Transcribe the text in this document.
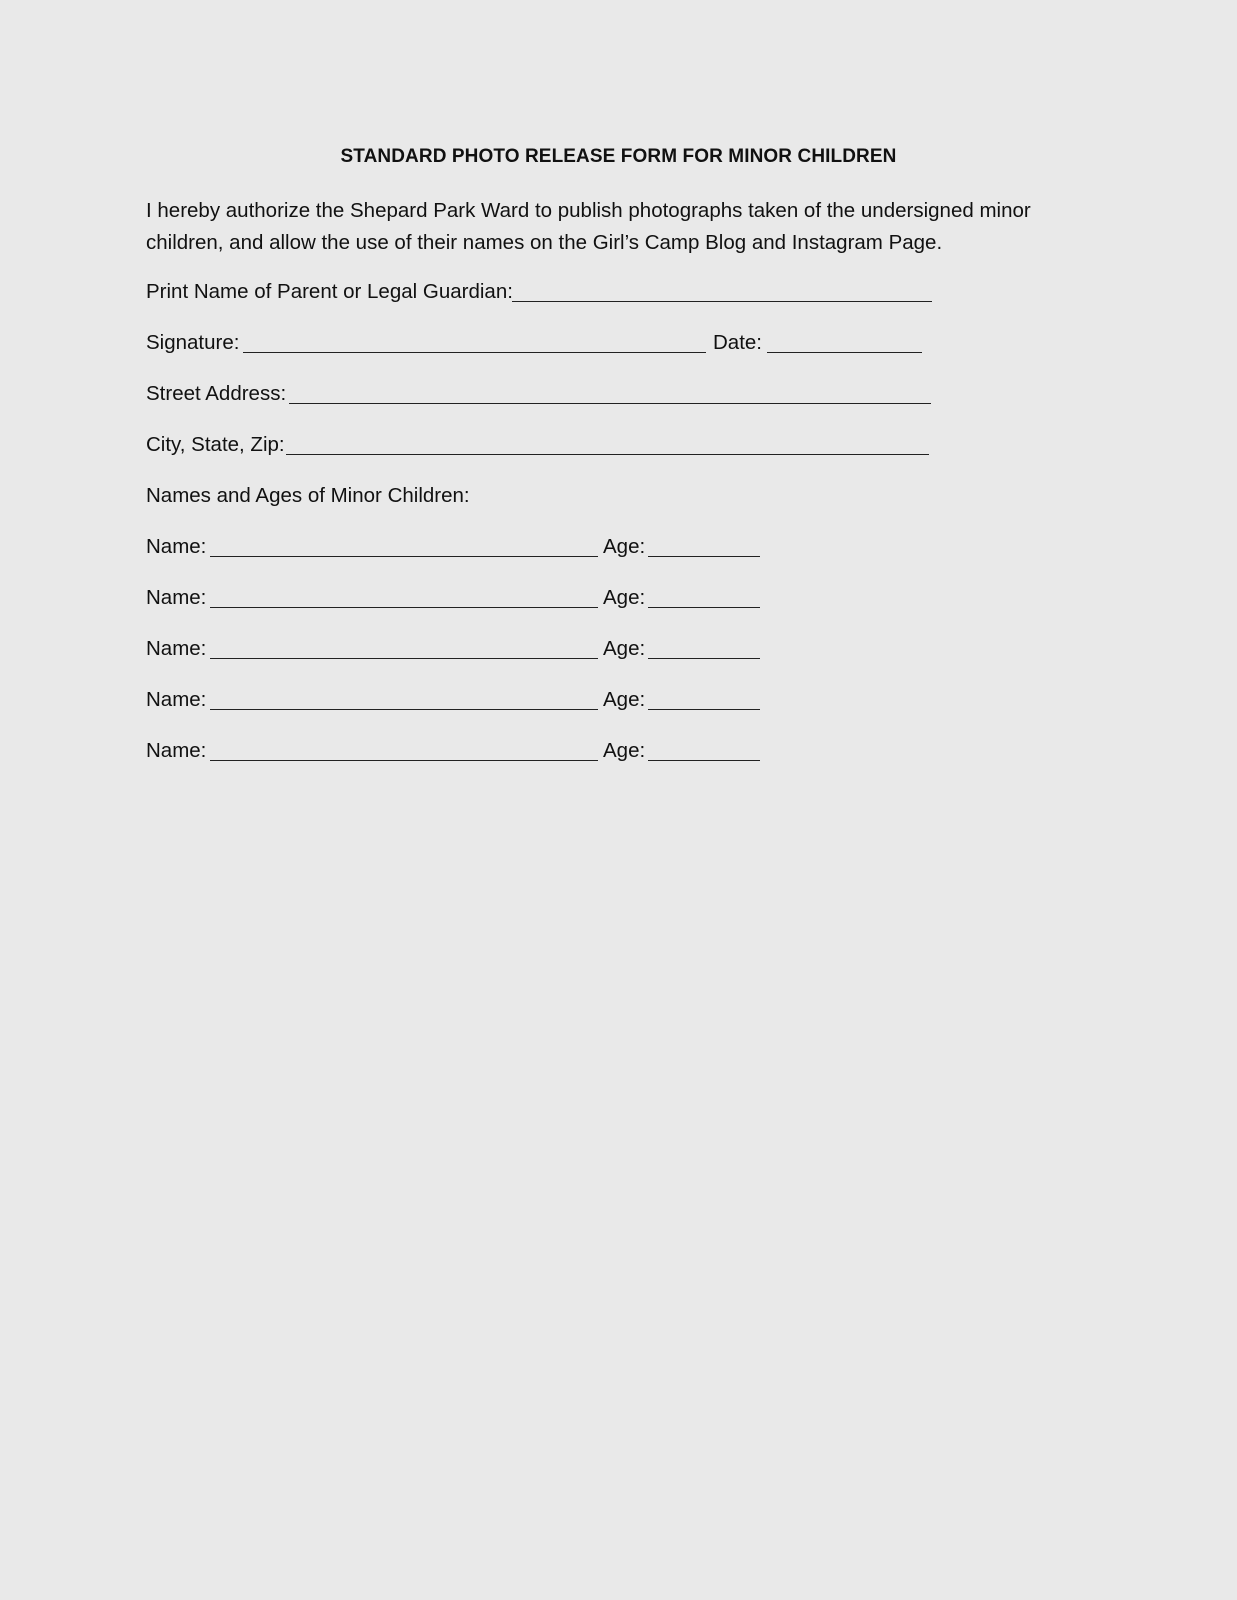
STANDARD PHOTO RELEASE FORM FOR MINOR CHILDREN
I hereby authorize the Shepard Park Ward to publish photographs taken of the undersigned minor children, and allow the use of their names on the Girl’s Camp Blog and Instagram Page.
Print Name of Parent or Legal Guardian:
Signature:	Date:
Street Address:
City, State, Zip:
Names and Ages of Minor Children:
Name:	Age:
Name:	Age:
Name:	Age:
Name:	Age:
Name:	Age:
